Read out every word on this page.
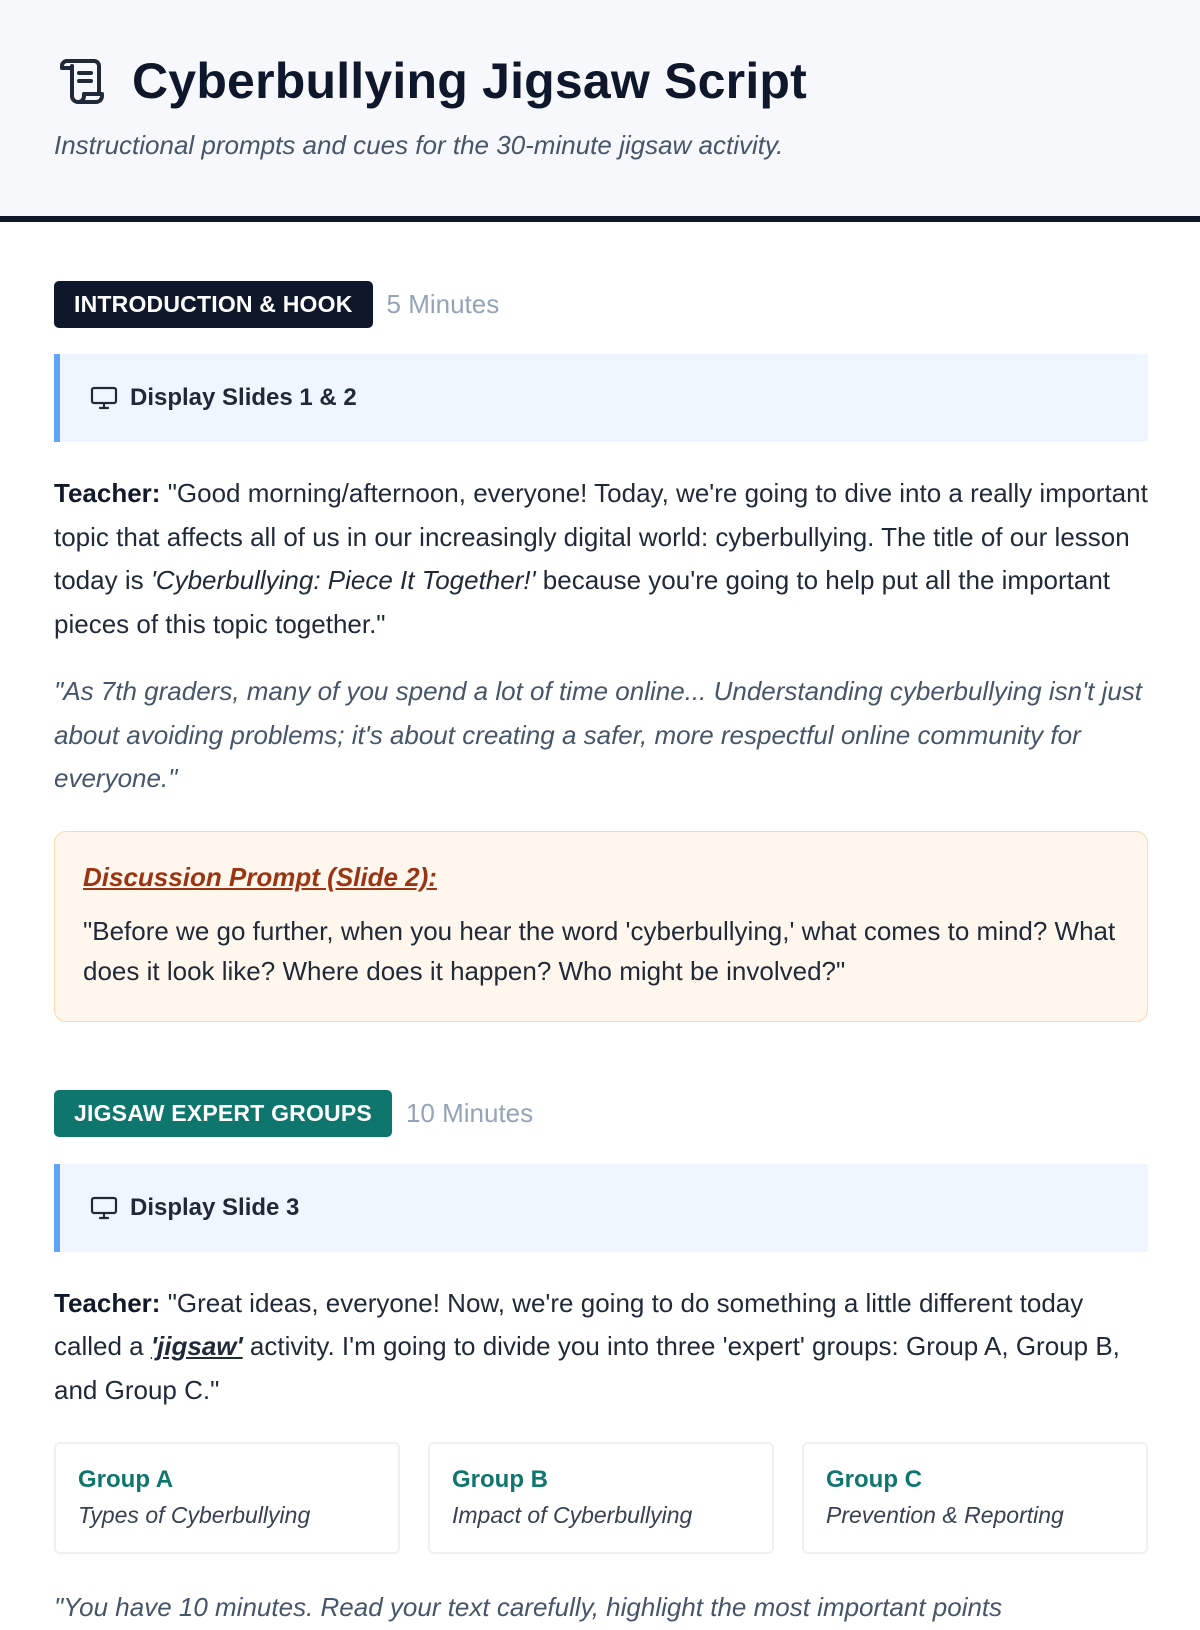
Cyberbullying Jigsaw Script
Instructional prompts and cues for the 30-minute jigsaw activity.
INTRODUCTION & HOOK	5 Minutes
Display Slides 1 & 2

Teacher: "Good morning/afternoon, everyone! Today, we're going to dive into a really important topic that affects all of us in our increasingly digital world: cyberbullying. The title of our lesson today is 'Cyberbullying: Piece It Together!' because you're going to help put all the important pieces of this topic together."

"As 7th graders, many of you spend a lot of time online... Understanding cyberbullying isn't just about avoiding problems; it's about creating a safer, more respectful online community for everyone."

Discussion Prompt (Slide 2):
"Before we go further, when you hear the word 'cyberbullying,' what comes to mind? What does it look like? Where does it happen? Who might be involved?"
JIGSAW EXPERT GROUPS	10 Minutes
Display Slide 3

Teacher: "Great ideas, everyone! Now, we're going to do something a little different today called a 'jigsaw' activity. I'm going to divide you into three 'expert' groups: Group A, Group B, and Group C."

Group A
Types of Cyberbullying
Group B
Impact of Cyberbullying
Group C
Prevention & Reporting

"You have 10 minutes. Read your text carefully, highlight the most important points
